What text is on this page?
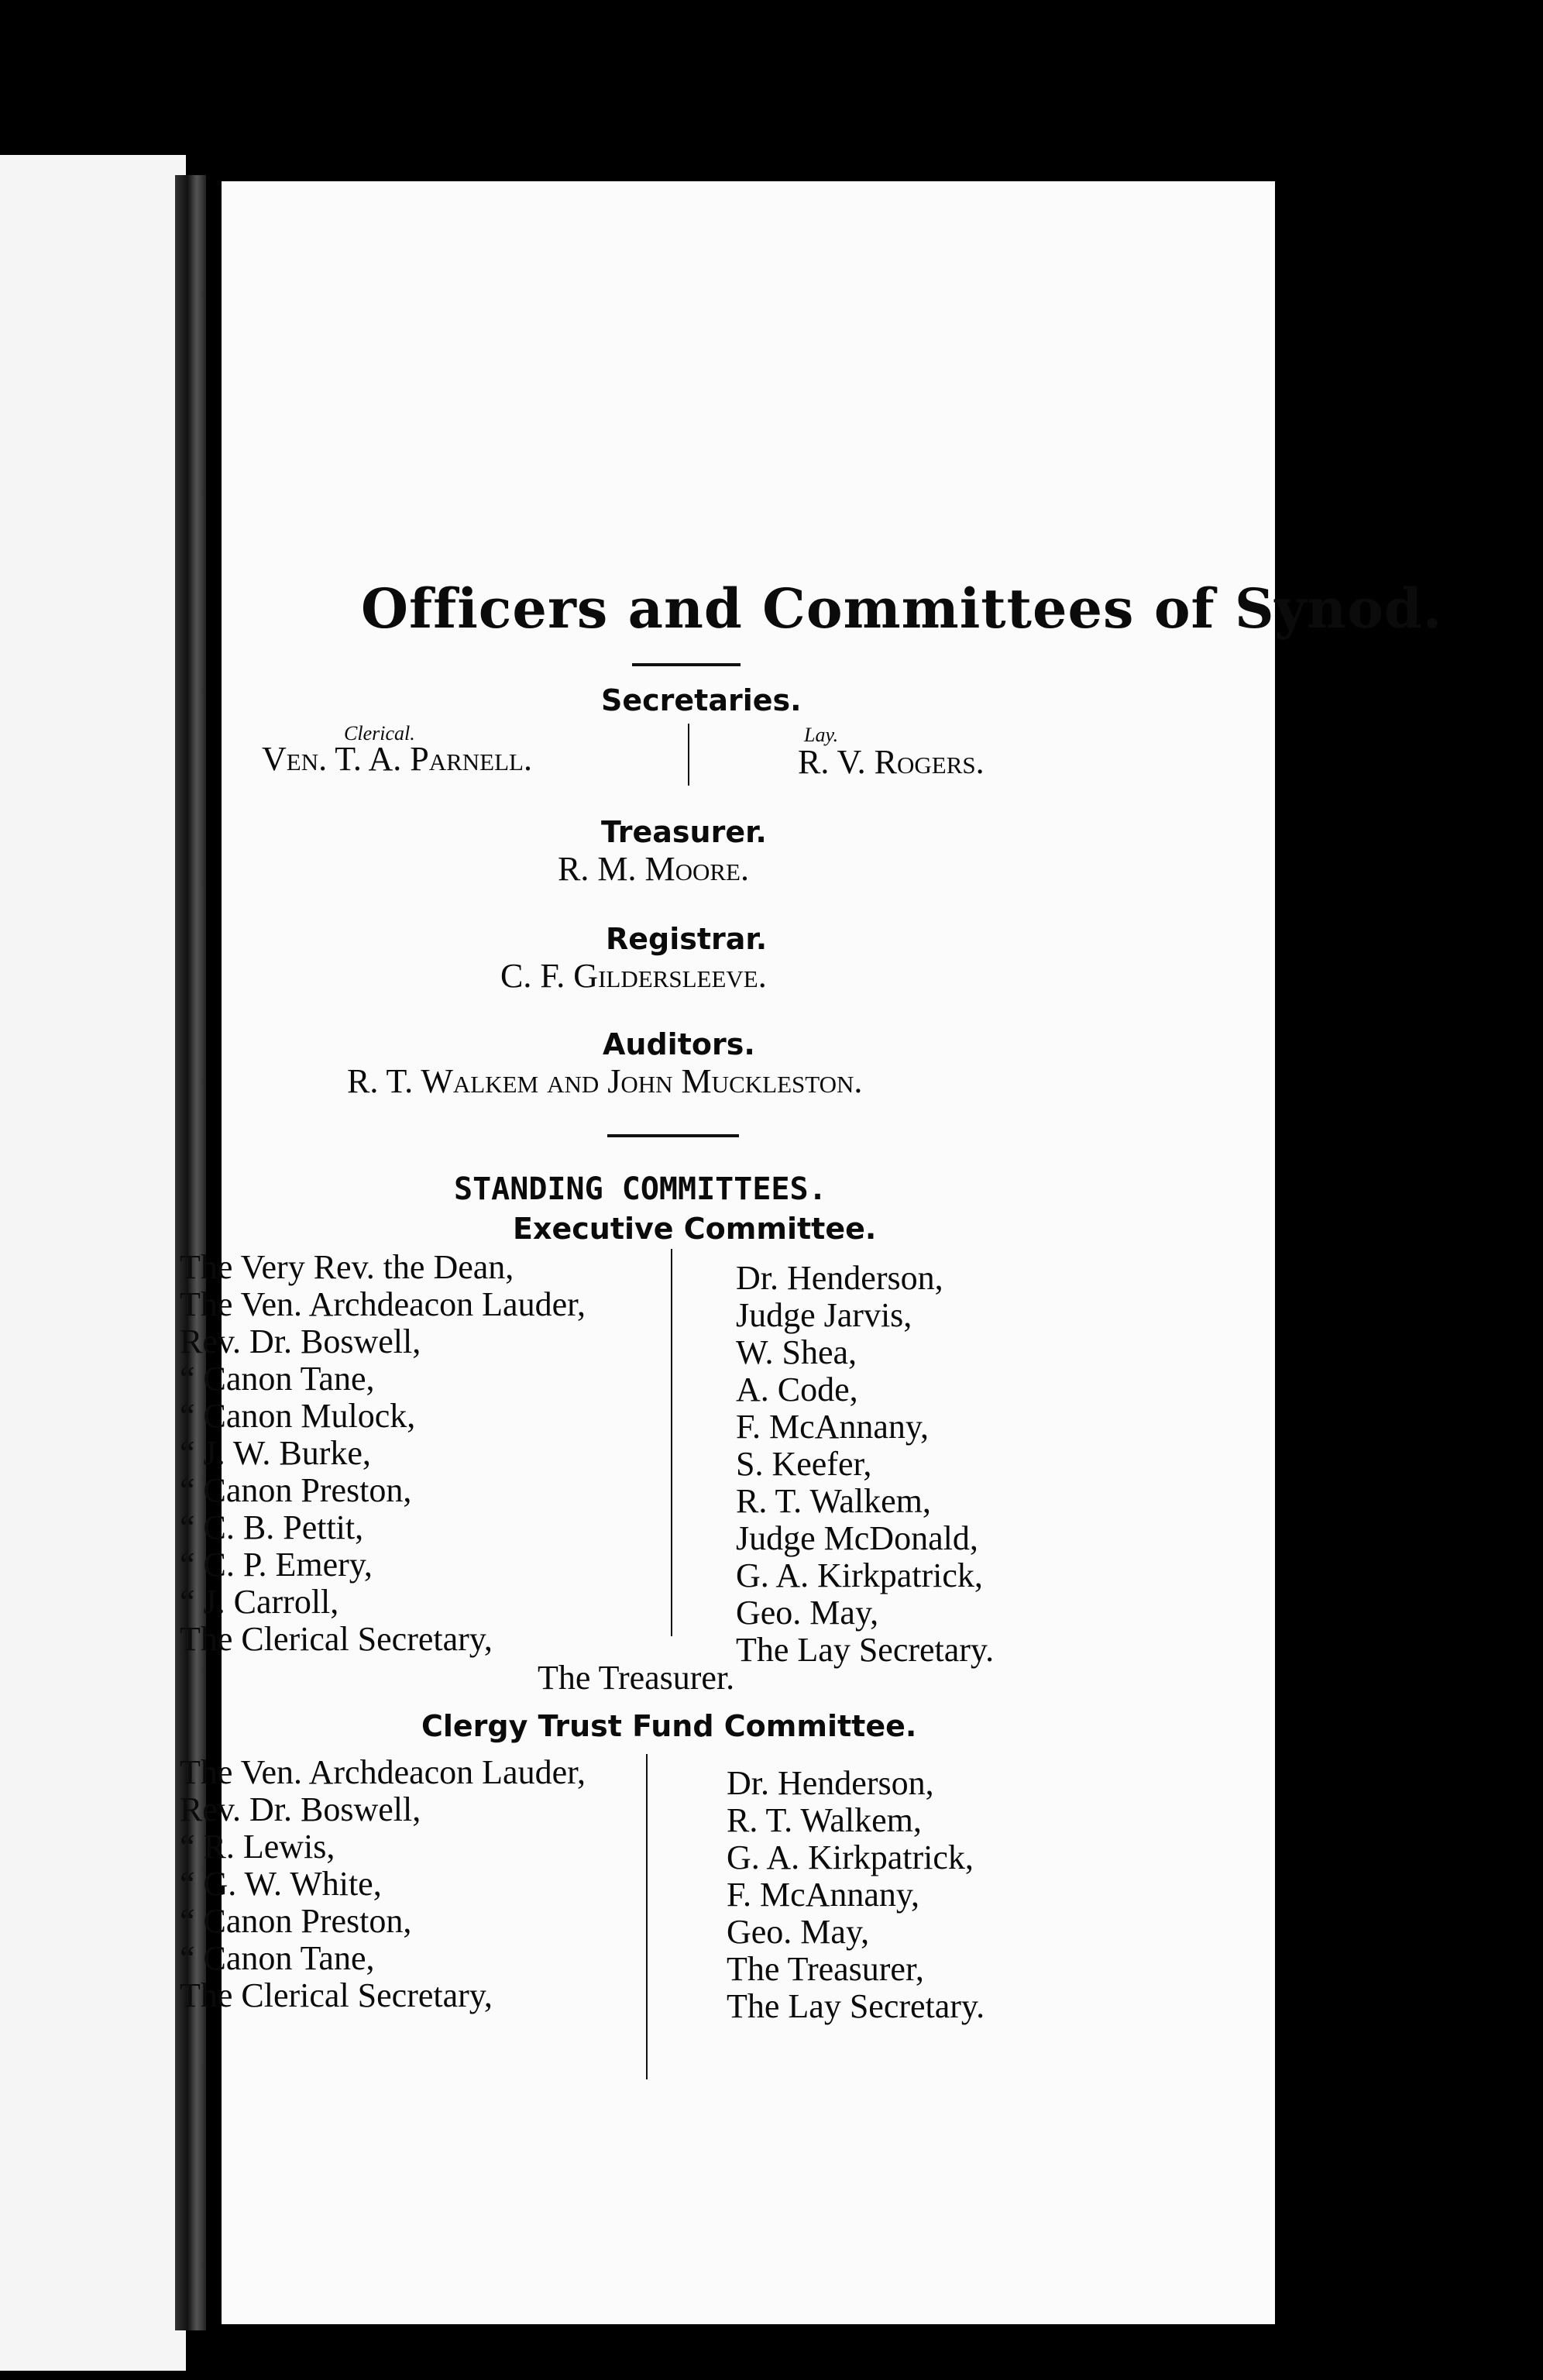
Officers and Committees of Synod.
Secretaries.
Clerical.	Lay.
Ven. T. A. Parnell.	R. V. Rogers.
Treasurer.
R. M. Moore.
Registrar.
C. F. Gildersleeve.
Auditors.
R. T. Walkem and John Muckleston.
STANDING COMMITTEES.
Executive Committee.
The Very Rev. the Dean,
The Ven. Archdeacon Lauder,
Rev. Dr. Boswell,
“ Canon Tane,
“ Canon Mulock,
“ J. W. Burke,
“ Canon Preston,
“ C. B. Pettit,
“ C. P. Emery,
“ J. Carroll,
The Clerical Secretary,
Dr. Henderson,
Judge Jarvis,
W. Shea,
A. Code,
F. McAnnany,
S. Keefer,
R. T. Walkem,
Judge McDonald,
G. A. Kirkpatrick,
Geo. May,
The Lay Secretary.
The Treasurer.
Clergy Trust Fund Committee.
The Ven. Archdeacon Lauder,
Rev. Dr. Boswell,
“ R. Lewis,
“ G. W. White,
“ Canon Preston,
“ Canon Tane,
The Clerical Secretary,
Dr. Henderson,
R. T. Walkem,
G. A. Kirkpatrick,
F. McAnnany,
Geo. May,
The Treasurer,
The Lay Secretary.
